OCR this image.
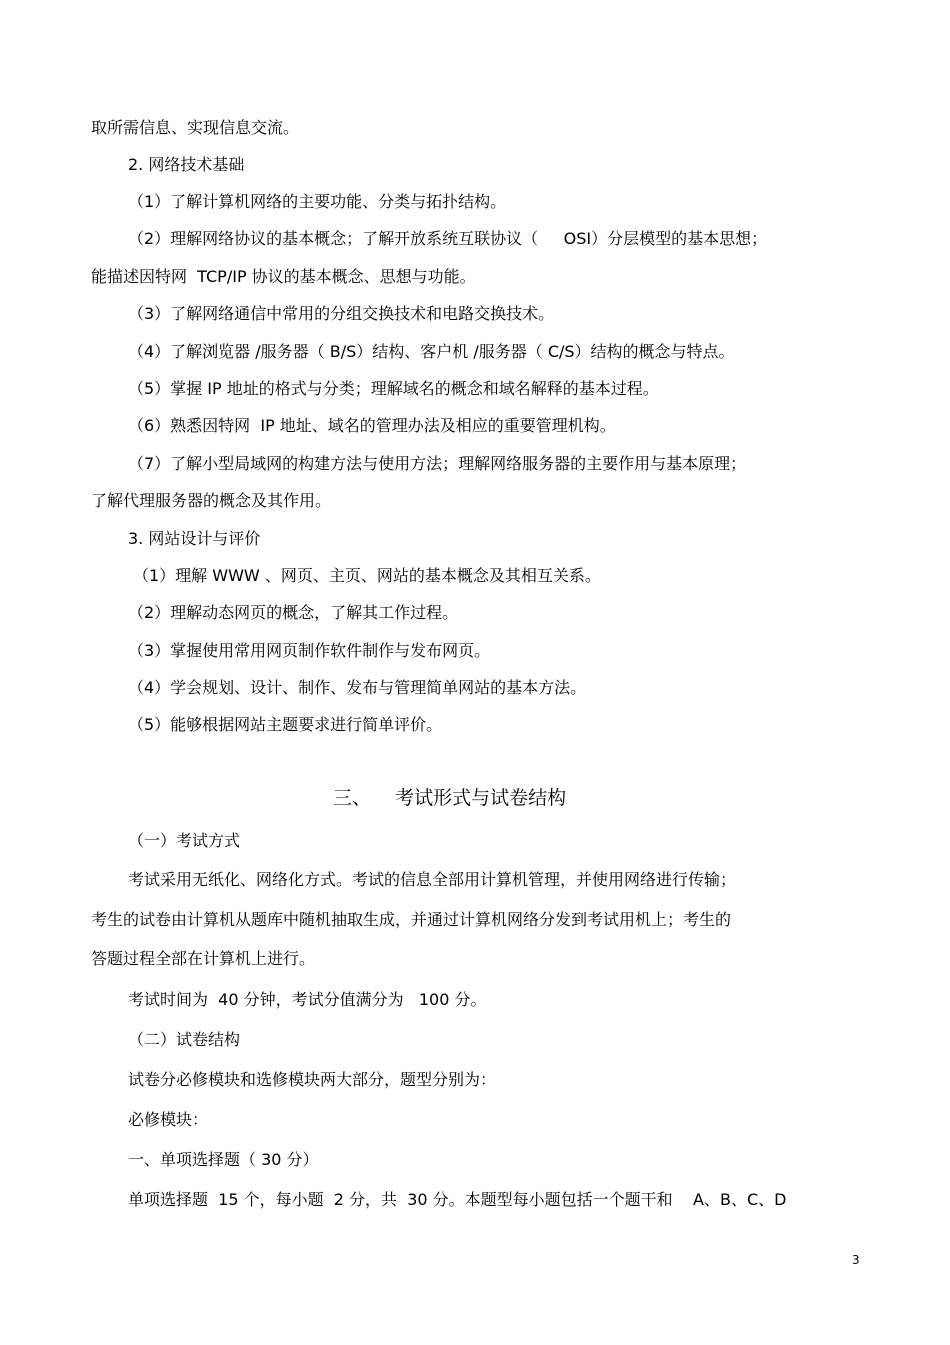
取所需信息、实现信息交流。
2. 网络技术基础
（1）了解计算机网络的主要功能、分类与拓扑结构。
（2）理解网络协议的基本概念；了解开放系统互联协议（     OSI）分层模型的基本思想；
能描述因特网  TCP/IP 协议的基本概念、思想与功能。
（3）了解网络通信中常用的分组交换技术和电路交换技术。
（4）了解浏览器 /服务器（ B/S）结构、客户机 /服务器（ C/S）结构的概念与特点。
（5）掌握 IP 地址的格式与分类；理解域名的概念和域名解释的基本过程。
（6）熟悉因特网  IP 地址、域名的管理办法及相应的重要管理机构。
（7）了解小型局域网的构建方法与使用方法；理解网络服务器的主要作用与基本原理；
了解代理服务器的概念及其作用。
3. 网站设计与评价
（1）理解 WWW 、网页、主页、网站的基本概念及其相互关系。
（2）理解动态网页的概念，了解其工作过程。
（3）掌握使用常用网页制作软件制作与发布网页。
（4）学会规划、设计、制作、发布与管理简单网站的基本方法。
（5）能够根据网站主题要求进行简单评价。
三、    考试形式与试卷结构
（一）考试方式
考试采用无纸化、网络化方式。考试的信息全部用计算机管理，并使用网络进行传输；
考生的试卷由计算机从题库中随机抽取生成，并通过计算机网络分发到考试用机上；考生的
答题过程全部在计算机上进行。
考试时间为  40 分钟，考试分值满分为   100 分。
（二）试卷结构
试卷分必修模块和选修模块两大部分，题型分别为：
必修模块：
一、单项选择题（ 30 分）
单项选择题  15 个，每小题  2 分，共  30 分。本题型每小题包括一个题干和    A、B、C、D
3
